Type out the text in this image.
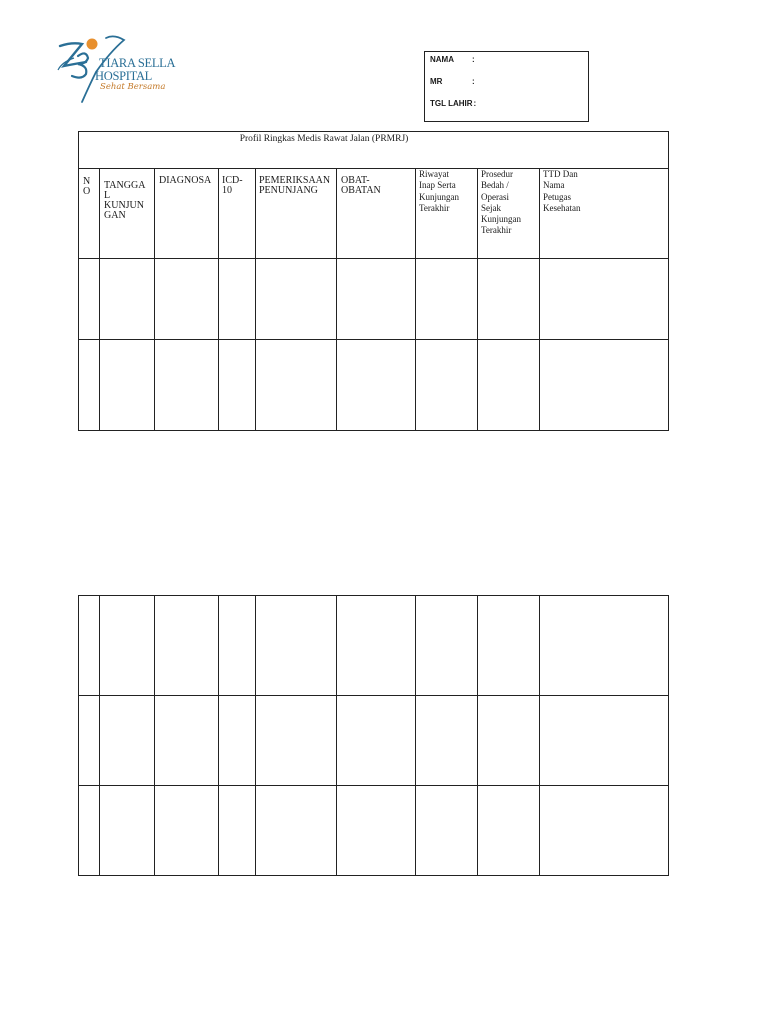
TIARA SELLA
HOSPITAL
Sehat Bersama
NAMA :
MR	:
TGL LAHIR:
Profil Ringkas Medis Rawat Jalan (PRMRJ)
N
O
TANGGA
L
KUNJUN
GAN
DIAGNOSA ICD-
10
PEMERIKSAAN
PENUNJANG
OBAT-
OBATAN
Riwayat
Inap Serta
Kunjungan
Terakhir
Prosedur
Bedah /
Operasi
Sejak
Kunjungan
Terakhir
TTD Dan
Nama
Petugas
Kesehatan
